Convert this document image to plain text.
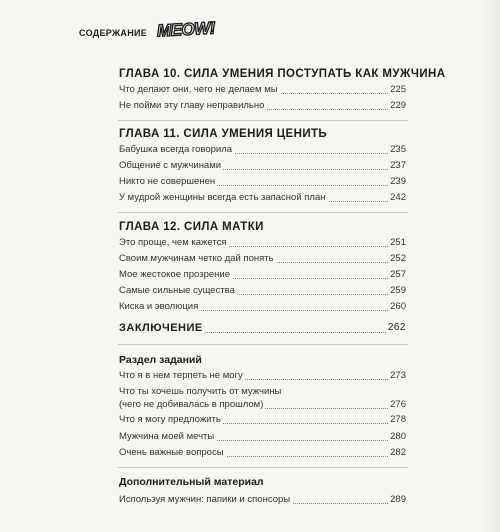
СОДЕРЖАНИЕ MEOW!
ГЛАВА 10. СИЛА УМЕНИЯ ПОСТУПАТЬ КАК МУЖЧИНА
Что делают они, чего не делаем мы	225
Не пойми эту главу неправильно	229
ГЛАВА 11. СИЛА УМЕНИЯ ЦЕНИТЬ
Бабушка всегда говорила	235
Общение с мужчинами	237
Никто не совершенен	239
У мудрой женщины всегда есть запасной план	242
ГЛАВА 12. СИЛА МАТКИ
Это проще, чем кажется	251
Своим мужчинам четко дай понять	252
Мое жестокое прозрение	257
Самые сильные существа	259
Киска и эволюция	260
ЗАКЛЮЧЕНИЕ	262
Раздел заданий
Что я в нем терпеть не могу	273
Что ты хочешь получить от мужчины
(чего не добивалась в прошлом)	276
Что я могу предложить	278
Мужчина моей мечты	280
Очень важные вопросы	282
Дополнительный материал
Используя мужчин: папики и спонсоры	289
